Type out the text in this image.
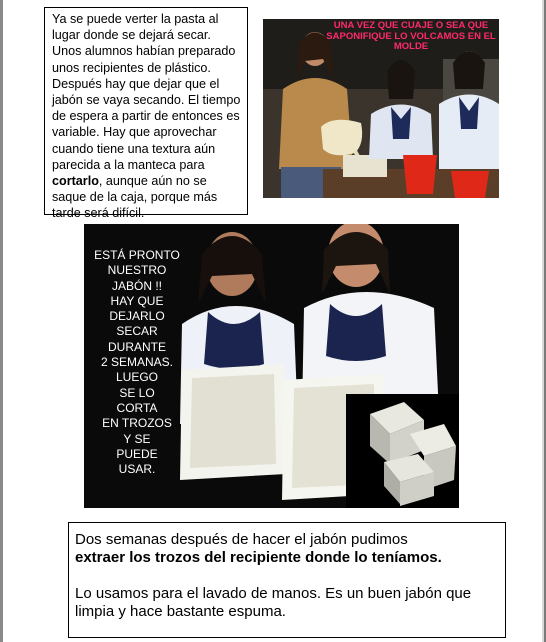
Ya se puede verter la pasta al lugar donde se dejará secar. Unos alumnos habían preparado unos recipientes de plástico. Después hay que dejar que el jabón se vaya secando. El tiempo de espera a partir de entonces es variable. Hay que aprovechar cuando tiene una textura aún parecida a la manteca para cortarlo, aunque aún no se saque de la caja, porque más tarde será difícil.
UNA VEZ QUE CUAJE O SEA QUE SAPONIFIQUE LO VOLCAMOS EN EL MOLDE
ESTÁ PRONTO
NUESTRO
JABÓN !!
HAY QUE
DEJARLO
SECAR
DURANTE
2 SEMANAS.
LUEGO
SE LO
CORTA
EN TROZOS
Y SE
PUEDE
USAR.

Dos semanas después de hacer el jabón pudimos

extraer los trozos del recipiente donde lo teníamos.

Lo usamos para el lavado de manos. Es un buen jabón que limpia y hace bastante espuma.
